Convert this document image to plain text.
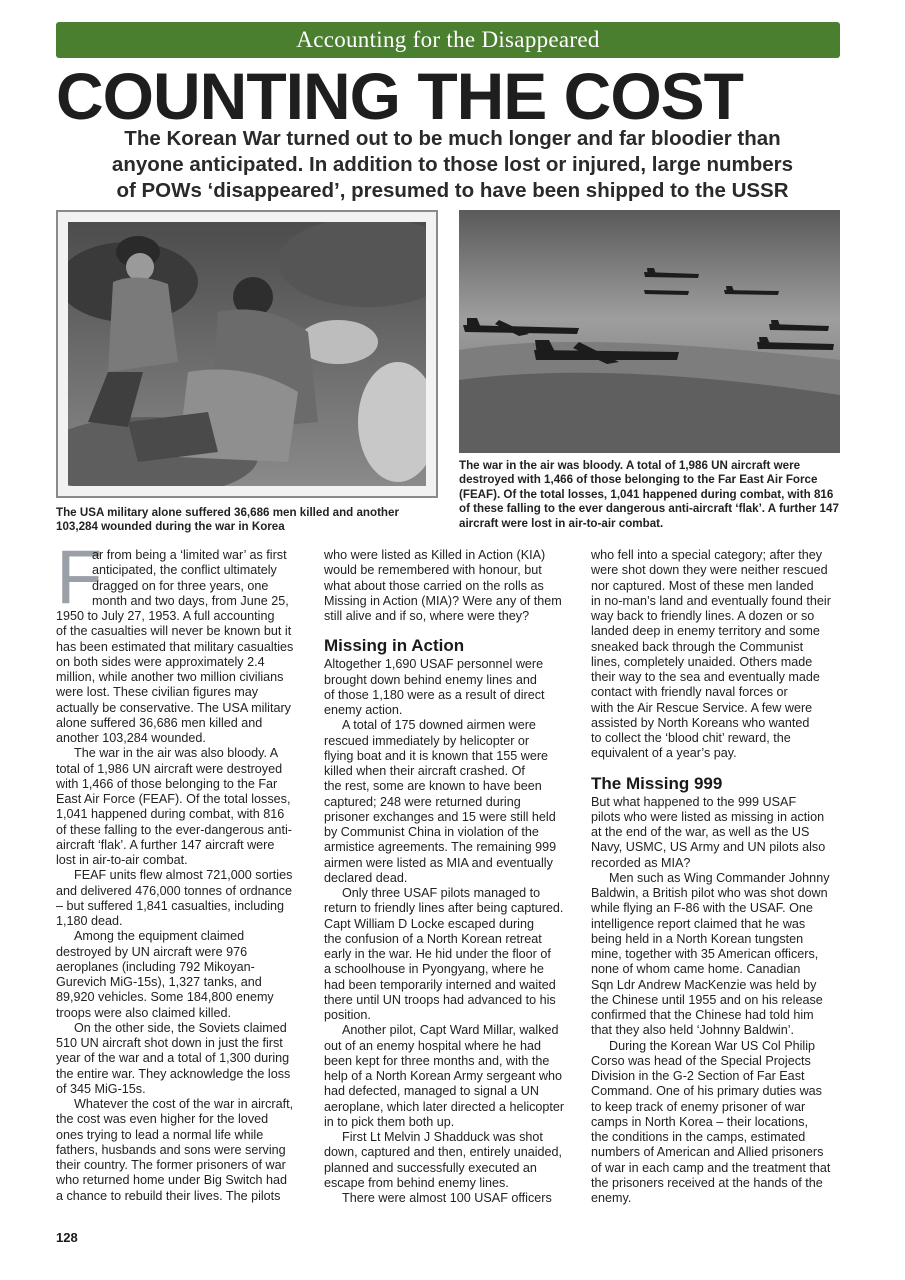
Accounting for the Disappeared
COUNTING THE COST
The Korean War turned out to be much longer and far bloodier than
anyone anticipated. In addition to those lost or injured, large numbers
of POWs ‘disappeared’, presumed to have been shipped to the USSR
The USA military alone suffered 36,686 men killed and another
103,284 wounded during the war in Korea
The war in the air was bloody. A total of 1,986 UN aircraft were
destroyed with 1,466 of those belonging to the Far East Air Force
(FEAF). Of the total losses, 1,041 happened during combat, with 816
of these falling to the ever dangerous anti-aircraft ‘flak’. A further 147
aircraft were lost in air-to-air combat.
F
ar from being a ‘limited war’ as first
anticipated, the conflict ultimately
dragged on for three years, one
month and two days, from June 25,
1950 to July 27, 1953. A full accounting
of the casualties will never be known but it
has been estimated that military casualties
on both sides were approximately 2.4
million, while another two million civilians
were lost. These civilian figures may
actually be conservative. The USA military
alone suffered 36,686 men killed and
another 103,284 wounded.
The war in the air was also bloody. A
total of 1,986 UN aircraft were destroyed
with 1,466 of those belonging to the Far
East Air Force (FEAF). Of the total losses,
1,041 happened during combat, with 816
of these falling to the ever-dangerous anti-
aircraft ‘flak’. A further 147 aircraft were
lost in air-to-air combat.
FEAF units flew almost 721,000 sorties
and delivered 476,000 tonnes of ordnance
– but suffered 1,841 casualties, including
1,180 dead.
Among the equipment claimed
destroyed by UN aircraft were 976
aeroplanes (including 792 Mikoyan-
Gurevich MiG-15s), 1,327 tanks, and
89,920 vehicles. Some 184,800 enemy
troops were also claimed killed.
On the other side, the Soviets claimed
510 UN aircraft shot down in just the first
year of the war and a total of 1,300 during
the entire war. They acknowledge the loss
of 345 MiG-15s.
Whatever the cost of the war in aircraft,
the cost was even higher for the loved
ones trying to lead a normal life while
fathers, husbands and sons were serving
their country. The former prisoners of war
who returned home under Big Switch had
a chance to rebuild their lives. The pilots
who were listed as Killed in Action (KIA)
would be remembered with honour, but
what about those carried on the rolls as
Missing in Action (MIA)? Were any of them
still alive and if so, where were they?
Missing in Action
Altogether 1,690 USAF personnel were
brought down behind enemy lines and
of those 1,180 were as a result of direct
enemy action.
A total of 175 downed airmen were
rescued immediately by helicopter or
flying boat and it is known that 155 were
killed when their aircraft crashed. Of
the rest, some are known to have been
captured; 248 were returned during
prisoner exchanges and 15 were still held
by Communist China in violation of the
armistice agreements. The remaining 999
airmen were listed as MIA and eventually
declared dead.
Only three USAF pilots managed to
return to friendly lines after being captured.
Capt William D Locke escaped during
the confusion of a North Korean retreat
early in the war. He hid under the floor of
a schoolhouse in Pyongyang, where he
had been temporarily interned and waited
there until UN troops had advanced to his
position.
Another pilot, Capt Ward Millar, walked
out of an enemy hospital where he had
been kept for three months and, with the
help of a North Korean Army sergeant who
had defected, managed to signal a UN
aeroplane, which later directed a helicopter
in to pick them both up.
First Lt Melvin J Shadduck was shot
down, captured and then, entirely unaided,
planned and successfully executed an
escape from behind enemy lines.
There were almost 100 USAF officers
who fell into a special category; after they
were shot down they were neither rescued
nor captured. Most of these men landed
in no-man’s land and eventually found their
way back to friendly lines. A dozen or so
landed deep in enemy territory and some
sneaked back through the Communist
lines, completely unaided. Others made
their way to the sea and eventually made
contact with friendly naval forces or
with the Air Rescue Service. A few were
assisted by North Koreans who wanted
to collect the ‘blood chit’ reward, the
equivalent of a year’s pay.
The Missing 999
But what happened to the 999 USAF
pilots who were listed as missing in action
at the end of the war, as well as the US
Navy, USMC, US Army and UN pilots also
recorded as MIA?
Men such as Wing Commander Johnny
Baldwin, a British pilot who was shot down
while flying an F-86 with the USAF. One
intelligence report claimed that he was
being held in a North Korean tungsten
mine, together with 35 American officers,
none of whom came home. Canadian
Sqn Ldr Andrew MacKenzie was held by
the Chinese until 1955 and on his release
confirmed that the Chinese had told him
that they also held ‘Johnny Baldwin’.
During the Korean War US Col Philip
Corso was head of the Special Projects
Division in the G-2 Section of Far East
Command. One of his primary duties was
to keep track of enemy prisoner of war
camps in North Korea – their locations,
the conditions in the camps, estimated
numbers of American and Allied prisoners
of war in each camp and the treatment that
the prisoners received at the hands of the
enemy.
128
